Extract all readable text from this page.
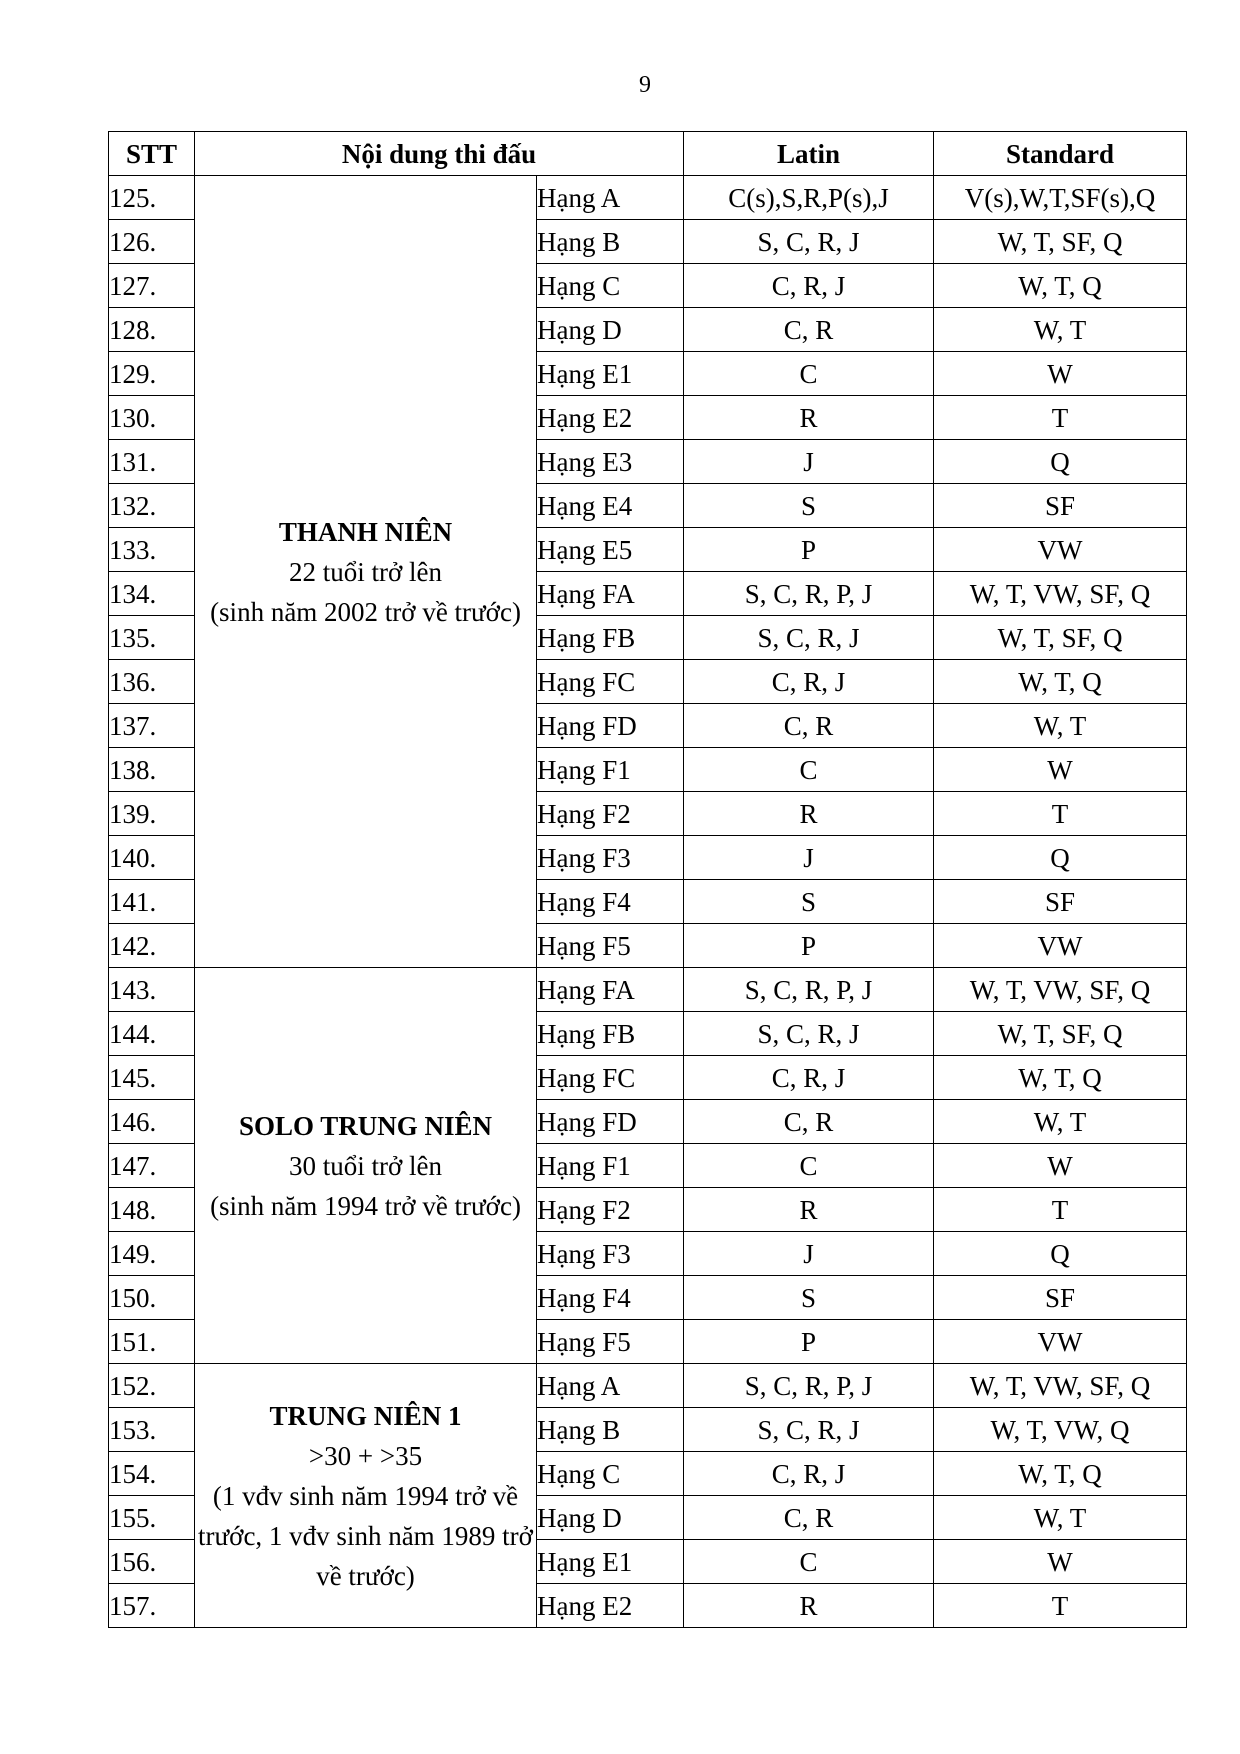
9
STT	Nội dung thi đấu		Latin	Standard
125.	THANH NIÊN
22 tuổi trở lên
(sinh năm 2002 trở về trước)	Hạng A	C(s),S,R,P(s),J	V(s),W,T,SF(s),Q
126.		Hạng B	S, C, R, J	W, T, SF, Q
127.		Hạng C	C, R, J	W, T, Q
128.		Hạng D	C, R	W, T
129.		Hạng E1	C	W
130.		Hạng E2	R	T
131.		Hạng E3	J	Q
132.		Hạng E4	S	SF
133.		Hạng E5	P	VW
134.		Hạng FA	S, C, R, P, J	W, T, VW, SF, Q
135.		Hạng FB	S, C, R, J	W, T, SF, Q
136.		Hạng FC	C, R, J	W, T, Q
137.		Hạng FD	C, R	W, T
138.		Hạng F1	C	W
139.		Hạng F2	R	T
140.		Hạng F3	J	Q
141.		Hạng F4	S	SF
142.		Hạng F5	P	VW
143.	SOLO TRUNG NIÊN
30 tuổi trở lên
(sinh năm 1994 trở về trước)	Hạng FA	S, C, R, P, J	W, T, VW, SF, Q
144.		Hạng FB	S, C, R, J	W, T, SF, Q
145.		Hạng FC	C, R, J	W, T, Q
146.		Hạng FD	C, R	W, T
147.		Hạng F1	C	W
148.		Hạng F2	R	T
149.		Hạng F3	J	Q
150.		Hạng F4	S	SF
151.		Hạng F5	P	VW
152.	TRUNG NIÊN 1
>30 + >35
(1 vđv sinh năm 1994 trở về trước, 1 vđv sinh năm 1989 trở về trước)	Hạng A	S, C, R, P, J	W, T, VW, SF, Q
153.		Hạng B	S, C, R, J	W, T, VW, Q
154.		Hạng C	C, R, J	W, T, Q
155.		Hạng D	C, R	W, T
156.		Hạng E1	C	W
157.		Hạng E2	R	T
